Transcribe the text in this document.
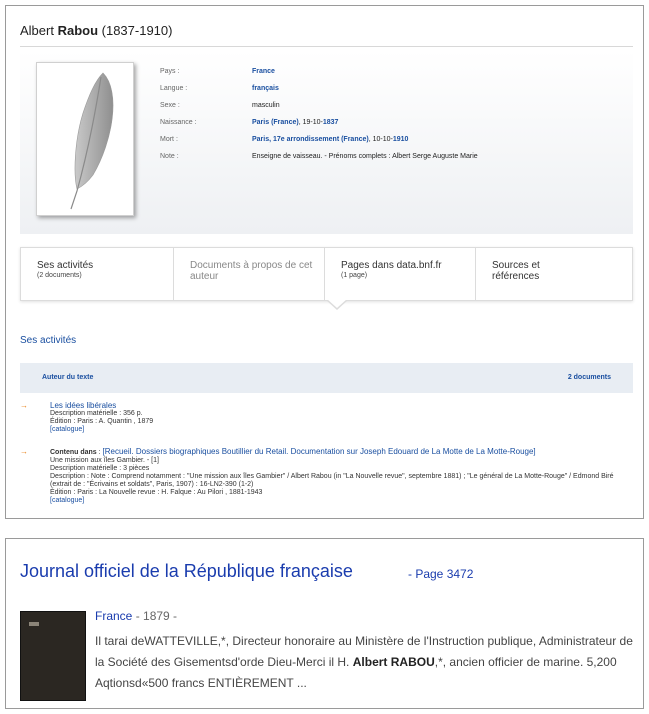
Albert Rabou (1837-1910)
Pays :	France
Langue :	français
Sexe :	masculin
Naissance :	Paris (France), 19-10-1837
Mort :	Paris, 17e arrondissement (France), 10-10-1910
Note :	Enseigne de vaisseau. - Prénoms complets : Albert Serge Auguste Marie
Ses activités
(2 documents)
Documents à propos de cet auteur
Pages dans data.bnf.fr
(1 page)
Sources et références
Ses activités
Auteur du texte	2 documents
→	Les idées libérales
Description matérielle : 356 p.
Édition : Paris : A. Quantin , 1879
[catalogue]
→	Contenu dans : [Recueil. Dossiers biographiques Boutillier du Retail. Documentation sur Joseph Édouard de La Motte de La Motte-Rouge]
Une mission aux îles Gambier. - [1]
Description matérielle : 3 pièces
Description : Note : Comprend notamment : "Une mission aux îles Gambier" / Albert Rabou (in "La Nouvelle revue", septembre 1881) ; "Le général de La Motte-Rouge" / Edmond Biré (extrait de : "Écrivains et soldats", Paris, 1907) : 16-LN2-390 (1-2)
Édition : Paris : La Nouvelle revue : H. Falque : Au Pilori , 1881-1943
[catalogue]
Journal officiel de la République française	- Page 3472
France - 1879 -
Il tarai deWATTEVILLE,*, Directeur honoraire au Ministère de l'Instruction publique, Administrateur de la Société des Gisementsd'orde Dieu-Merci il H. Albert RABOU,*, ancien officier de marine. 5,200 Aqtionsd«500 francs ENTIÈREMENT ...
